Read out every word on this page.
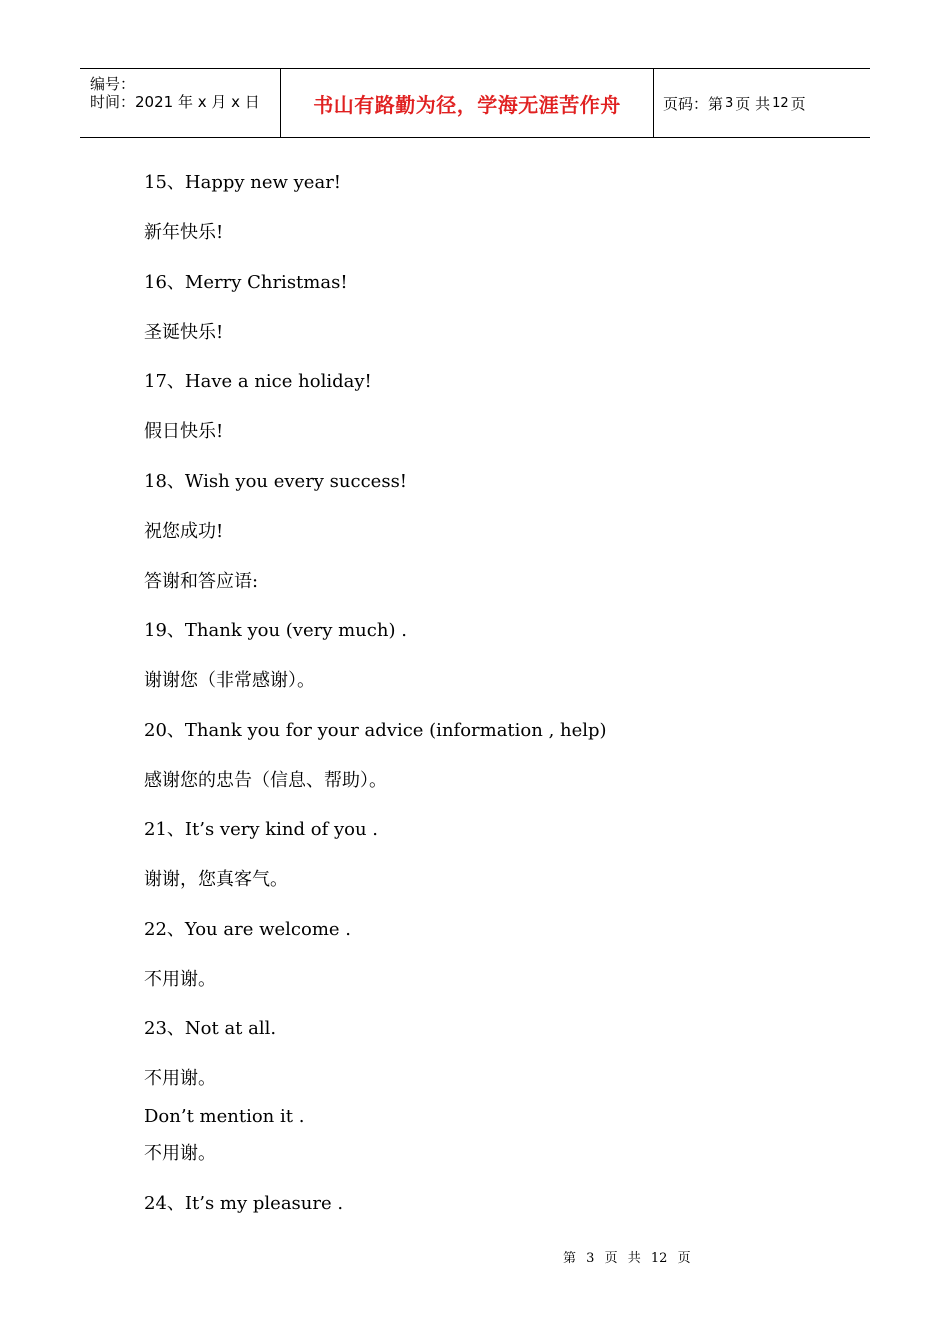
编号：
时间：2021 年 x 月 x 日	书山有路勤为径，学海无涯苦作舟	页码：第 3 页 共 12 页
15、Happy new year!
新年快乐!
16、Merry Christmas!
圣诞快乐!
17、Have a nice holiday!
假日快乐!
18、Wish you every success!
祝您成功!
答谢和答应语:
19、Thank you (very much) .
谢谢您（非常感谢）。
20、Thank you for your advice (information , help)
感谢您的忠告（信息、帮助）。
21、It’s very kind of you .
谢谢，您真客气。
22、You are welcome .
不用谢。
23、Not at all.
不用谢。
Don’t mention it .
不用谢。
24、It’s my pleasure .
第 3 页 共 12 页
